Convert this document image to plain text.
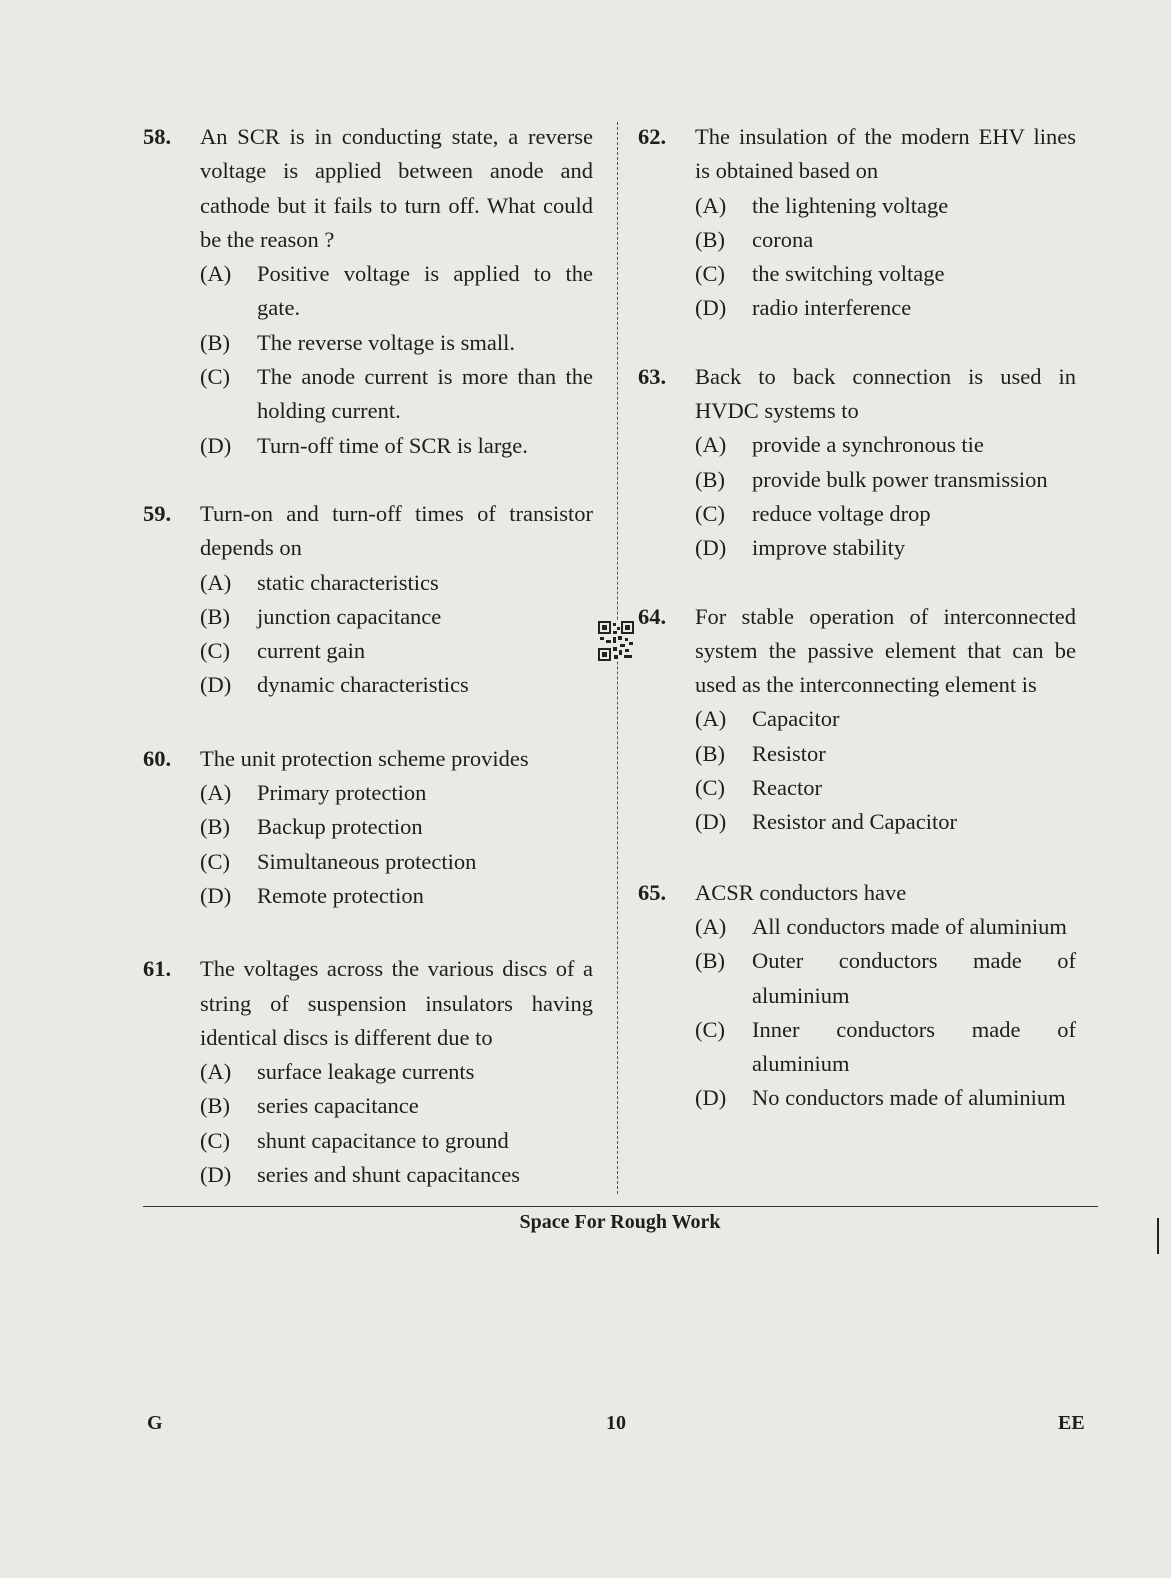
58. An SCR is in conducting state, a reverse voltage is applied between anode and cathode but it fails to turn off. What could be the reason ?
(A) Positive voltage is applied to the gate.
(B) The reverse voltage is small.
(C) The anode current is more than the holding current.
(D) Turn-off time of SCR is large.
59. Turn-on and turn-off times of transistor depends on
(A) static characteristics
(B) junction capacitance
(C) current gain
(D) dynamic characteristics
60. The unit protection scheme provides
(A) Primary protection
(B) Backup protection
(C) Simultaneous protection
(D) Remote protection
61. The voltages across the various discs of a string of suspension insulators having identical discs is different due to
(A) surface leakage currents
(B) series capacitance
(C) shunt capacitance to ground
(D) series and shunt capacitances
62. The insulation of the modern EHV lines is obtained based on
(A) the lightening voltage
(B) corona
(C) the switching voltage
(D) radio interference
63. Back to back connection is used in HVDC systems to
(A) provide a synchronous tie
(B) provide bulk power transmission
(C) reduce voltage drop
(D) improve stability
64. For stable operation of interconnected system the passive element that can be used as the interconnecting element is
(A) Capacitor
(B) Resistor
(C) Reactor
(D) Resistor and Capacitor
65. ACSR conductors have
(A) All conductors made of aluminium
(B) Outer conductors made of aluminium
(C) Inner conductors made of aluminium
(D) No conductors made of aluminium
Space For Rough Work
G	10	EE
